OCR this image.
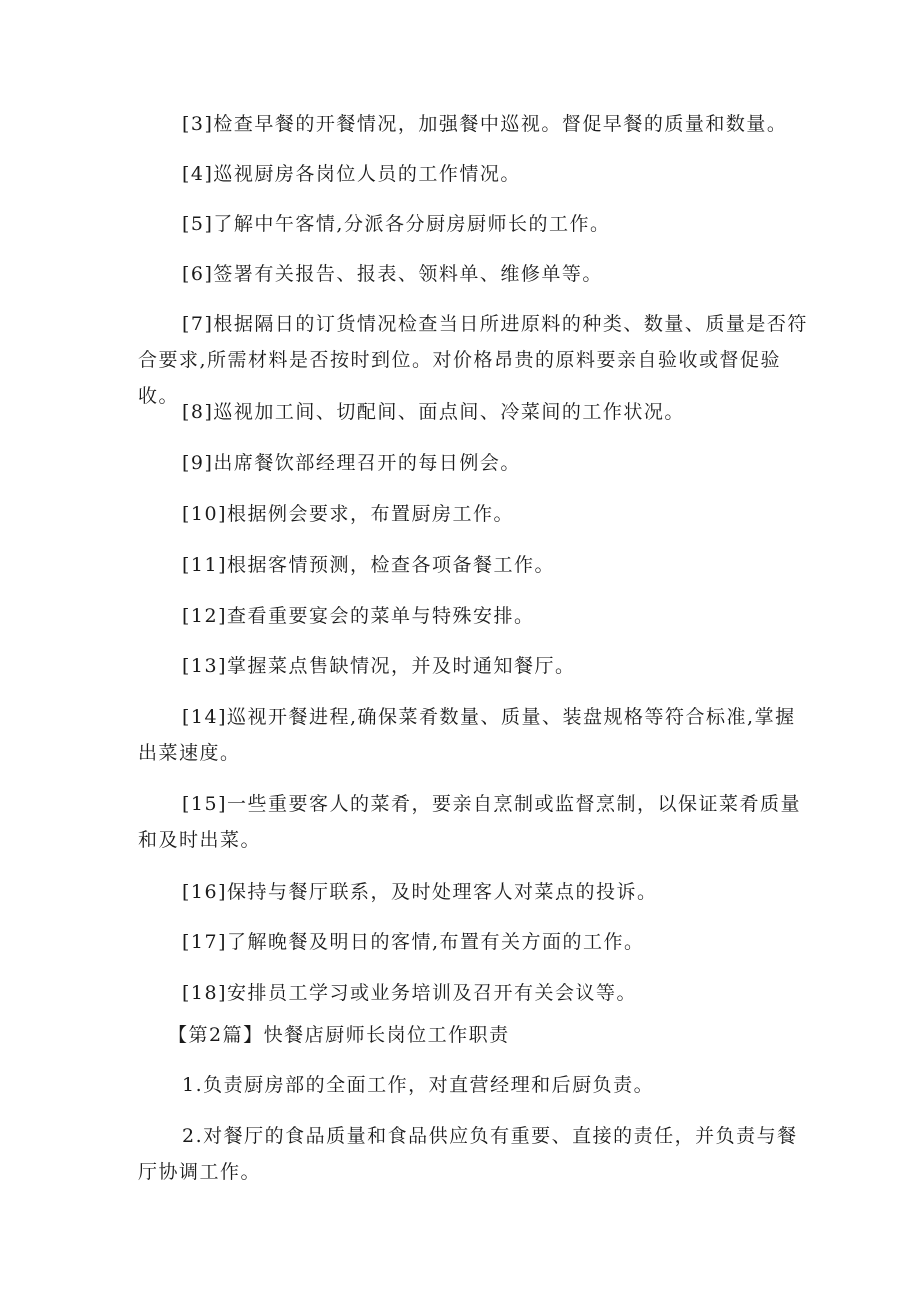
[3]检查早餐的开餐情况，加强餐中巡视。督促早餐的质量和数量。

[4]巡视厨房各岗位人员的工作情况。

[5]了解中午客情,分派各分厨房厨师长的工作。

[6]签署有关报告、报表、领料单、维修单等。

[7]根据隔日的订货情况检查当日所进原料的种类、数量、质量是否符合要求,所需材料是否按时到位。对价格昂贵的原料要亲自验收或督促验收。

[8]巡视加工间、切配间、面点间、冷菜间的工作状况。

[9]出席餐饮部经理召开的每日例会。

[10]根据例会要求，布置厨房工作。

[11]根据客情预测，检查各项备餐工作。

[12]查看重要宴会的菜单与特殊安排。

[13]掌握菜点售缺情况，并及时通知餐厅。

[14]巡视开餐进程,确保菜肴数量、质量、装盘规格等符合标准,掌握出菜速度。

[15]一些重要客人的菜肴，要亲自烹制或监督烹制，以保证菜肴质量和及时出菜。

[16]保持与餐厅联系，及时处理客人对菜点的投诉。

[17]了解晚餐及明日的客情,布置有关方面的工作。

[18]安排员工学习或业务培训及召开有关会议等。

【第2篇】快餐店厨师长岗位工作职责

1.负责厨房部的全面工作，对直营经理和后厨负责。

2.对餐厅的食品质量和食品供应负有重要、直接的责任，并负责与餐厅协调工作。
